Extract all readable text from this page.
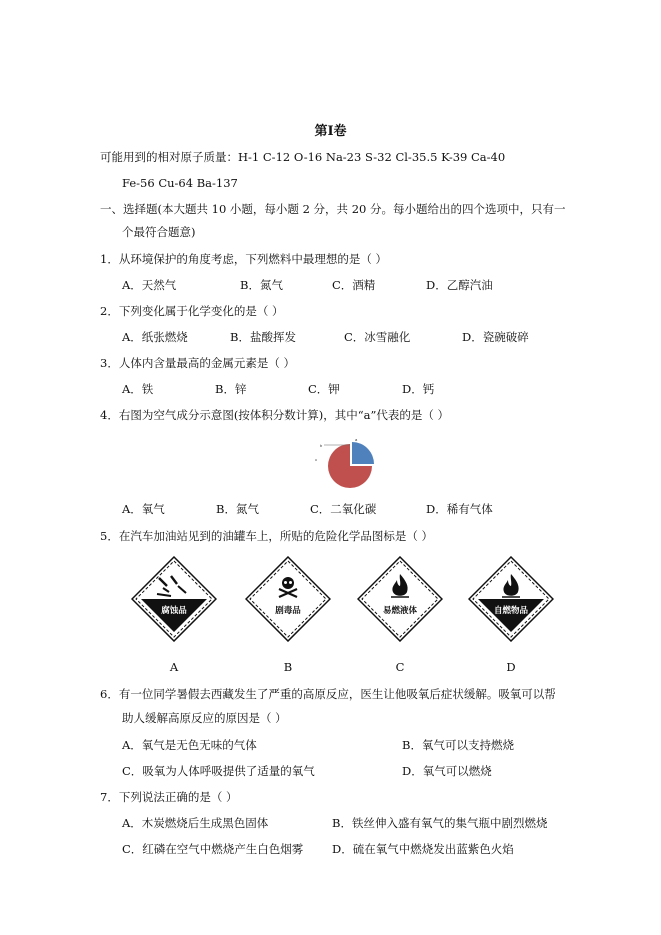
第Ⅰ卷
可能用到的相对原子质量：H-1 C-12 O-16 Na-23 S-32 Cl-35.5 K-39 Ca-40
Fe-56 Cu-64 Ba-137
一、选择题(本大题共 10 小题，每小题 2 分，共 20 分。每小题给出的四个选项中，只有一
个最符合题意)
1．从环境保护的角度考虑，下列燃料中最理想的是（ ）
A．天然气	B．氮气	C．酒精	D．乙醇汽油
2．下列变化属于化学变化的是（ ）
A．纸张燃烧	B．盐酸挥发	C．冰雪融化	D．瓷碗破碎
3．人体内含量最高的金属元素是（ ）
A．铁	B．锌	C．钾	D．钙
4．右图为空气成分示意图(按体积分数计算)，其中“a”代表的是（ ）
a
b
A．氧气	B．氮气	C．二氧化碳	D．稀有气体
5．在汽车加油站见到的油罐车上，所贴的危险化学品图标是（ ）
腐蚀品	剧毒品	易燃液体	自燃物品
A	B	C	D
6．有一位同学暑假去西藏发生了严重的高原反应，医生让他吸氧后症状缓解。吸氧可以帮
助人缓解高原反应的原因是（ ）
A．氧气是无色无味的气体	B．氧气可以支持燃烧
C．吸氧为人体呼吸提供了适量的氧气	D．氧气可以燃烧
7．下列说法正确的是（ ）
A．木炭燃烧后生成黑色固体	B．铁丝伸入盛有氧气的集气瓶中剧烈燃烧
C．红磷在空气中燃烧产生白色烟雾 D．硫在氧气中燃烧发出蓝紫色火焰
